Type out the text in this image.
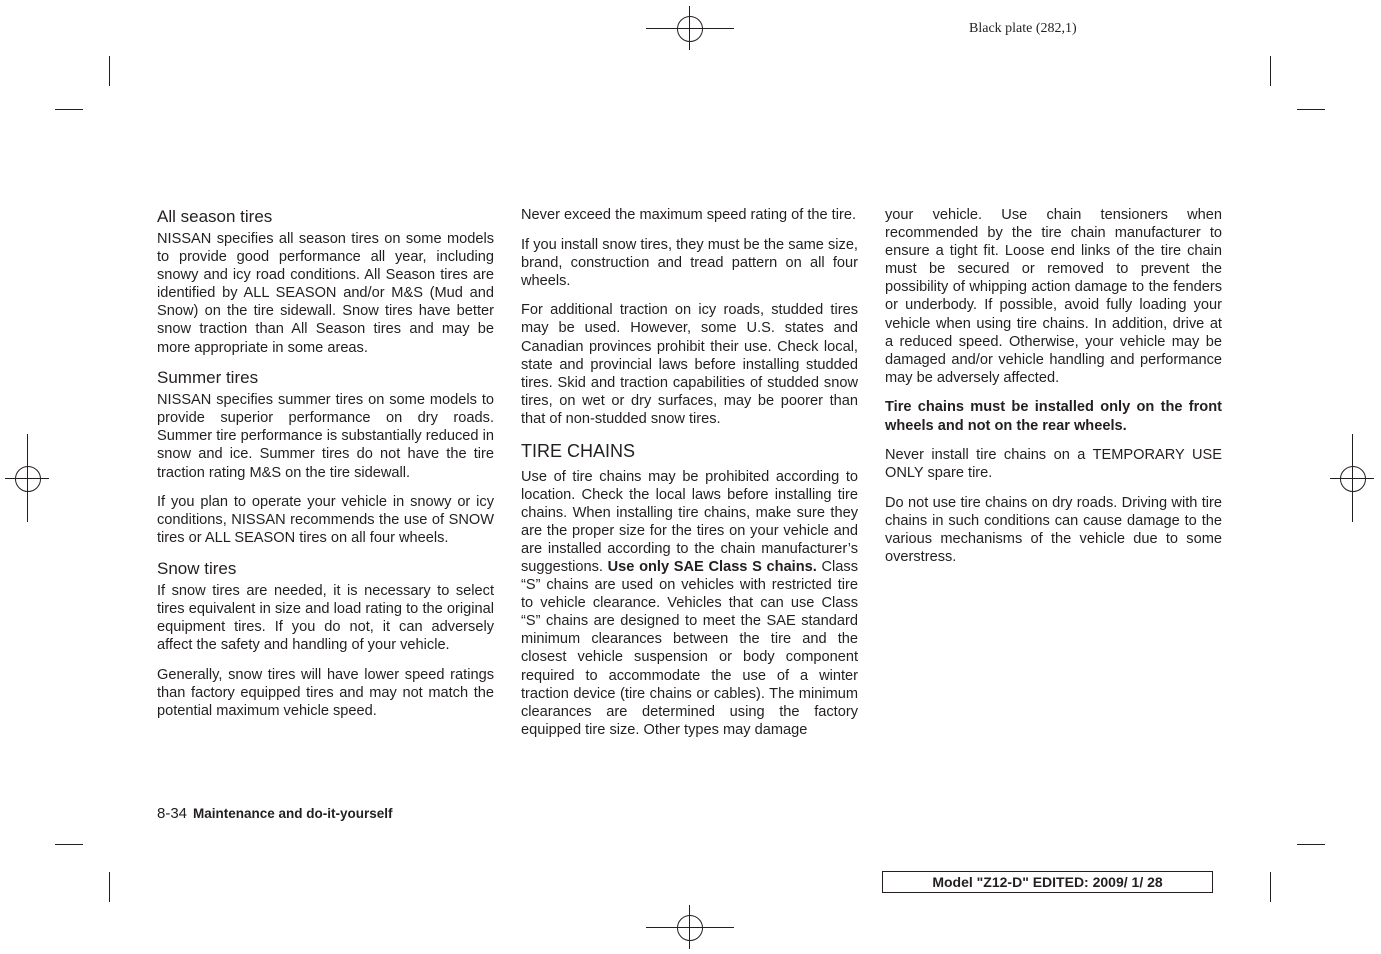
Black plate (282,1)
All season tires

NISSAN specifies all season tires on some models to provide good performance all year, including snowy and icy road conditions. All Season tires are identified by ALL SEASON and/or M&S (Mud and Snow) on the tire sidewall. Snow tires have better snow traction than All Season tires and may be more appropriate in some areas.

Summer tires

NISSAN specifies summer tires on some models to provide superior performance on dry roads. Summer tire performance is substantially reduced in snow and ice. Summer tires do not have the tire traction rating M&S on the tire sidewall.

If you plan to operate your vehicle in snowy or icy conditions, NISSAN recommends the use of SNOW tires or ALL SEASON tires on all four wheels.

Snow tires

If snow tires are needed, it is necessary to select tires equivalent in size and load rating to the original equipment tires. If you do not, it can adversely affect the safety and handling of your vehicle.

Generally, snow tires will have lower speed ratings than factory equipped tires and may not match the potential maximum vehicle speed.

Never exceed the maximum speed rating of the tire.

If you install snow tires, they must be the same size, brand, construction and tread pattern on all four wheels.

For additional traction on icy roads, studded tires may be used. However, some U.S. states and Canadian provinces prohibit their use. Check local, state and provincial laws before installing studded tires. Skid and traction capabilities of studded snow tires, on wet or dry surfaces, may be poorer than that of non-studded snow tires.

TIRE CHAINS

Use of tire chains may be prohibited according to location. Check the local laws before installing tire chains. When installing tire chains, make sure they are the proper size for the tires on your vehicle and are installed according to the chain manufacturer’s suggestions. Use only SAE Class S chains. Class “S” chains are used on vehicles with restricted tire to vehicle clearance. Vehicles that can use Class “S” chains are designed to meet the SAE standard minimum clearances between the tire and the closest vehicle suspension or body component required to accommodate the use of a winter traction device (tire chains or cables). The minimum clearances are determined using the factory equipped tire size. Other types may damage

your vehicle. Use chain tensioners when recommended by the tire chain manufacturer to ensure a tight fit. Loose end links of the tire chain must be secured or removed to prevent the possibility of whipping action damage to the fenders or underbody. If possible, avoid fully loading your vehicle when using tire chains. In addition, drive at a reduced speed. Otherwise, your vehicle may be damaged and/or vehicle handling and performance may be adversely affected.

Tire chains must be installed only on the front wheels and not on the rear wheels.

Never install tire chains on a TEMPORARY USE ONLY spare tire.

Do not use tire chains on dry roads. Driving with tire chains in such conditions can cause damage to the various mechanisms of the vehicle due to some overstress.

8-34 Maintenance and do-it-yourself
Model "Z12-D" EDITED: 2009/ 1/ 28
